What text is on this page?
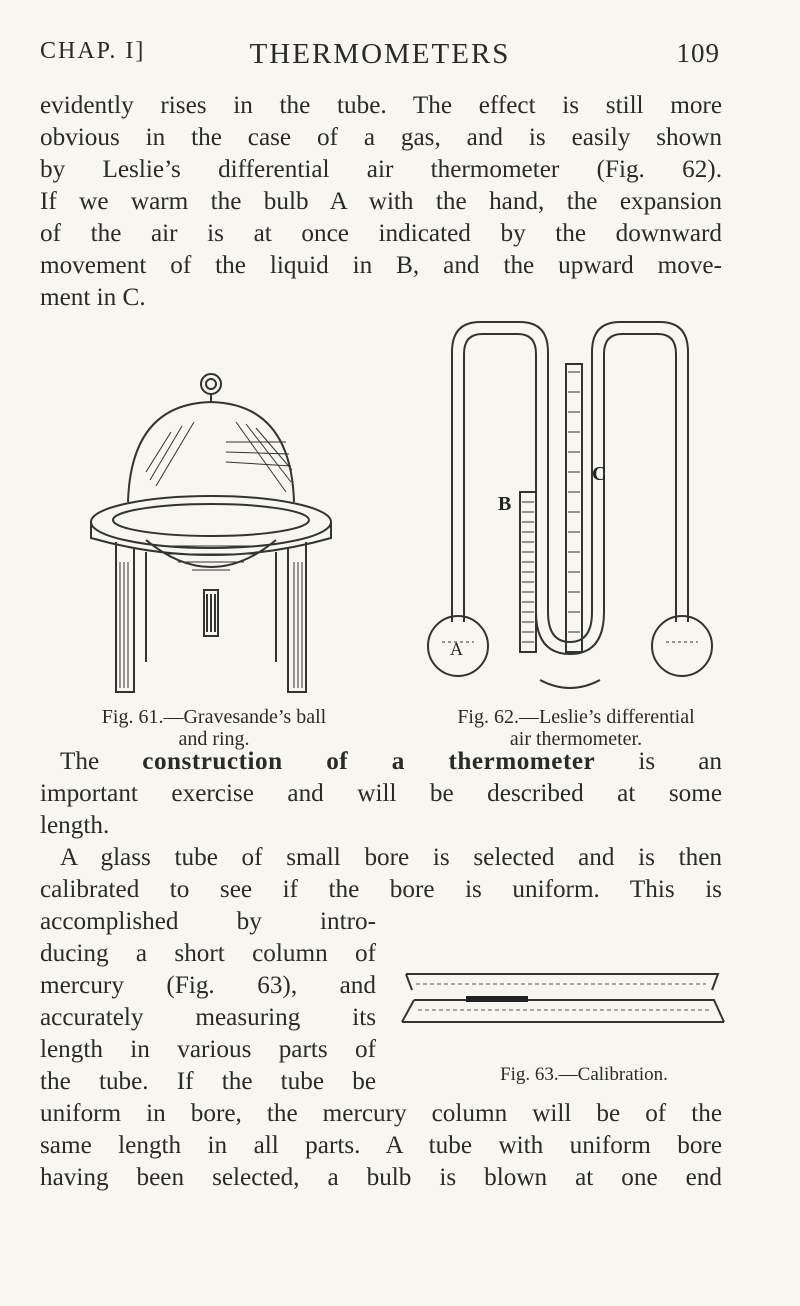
CHAP. I]	THERMOMETERS	109
evidently rises in the tube. The effect is still more
obvious in the case of a gas, and is easily shown
by Leslie’s differential air thermometer (Fig. 62).
If we warm the bulb A with the hand, the expansion
of the air is at once indicated by the downward
movement of the liquid in B, and the upward move-
ment in C.
Fig. 61.—Gravesande’s ball
and ring.
B
C
A
Fig. 62.—Leslie’s differential
air thermometer.
The construction of a thermometer is an
important exercise and will be described at some
length.
A glass tube of small bore is selected and is then
calibrated to see if the bore is uniform. This is
accomplished by intro-
ducing a short column of
mercury (Fig. 63), and
accurately measuring its
length in various parts of
the tube. If the tube be
uniform in bore, the mercury column will be of the
same length in all parts. A tube with uniform bore
having been selected, a bulb is blown at one end
Fig. 63.—Calibration.
